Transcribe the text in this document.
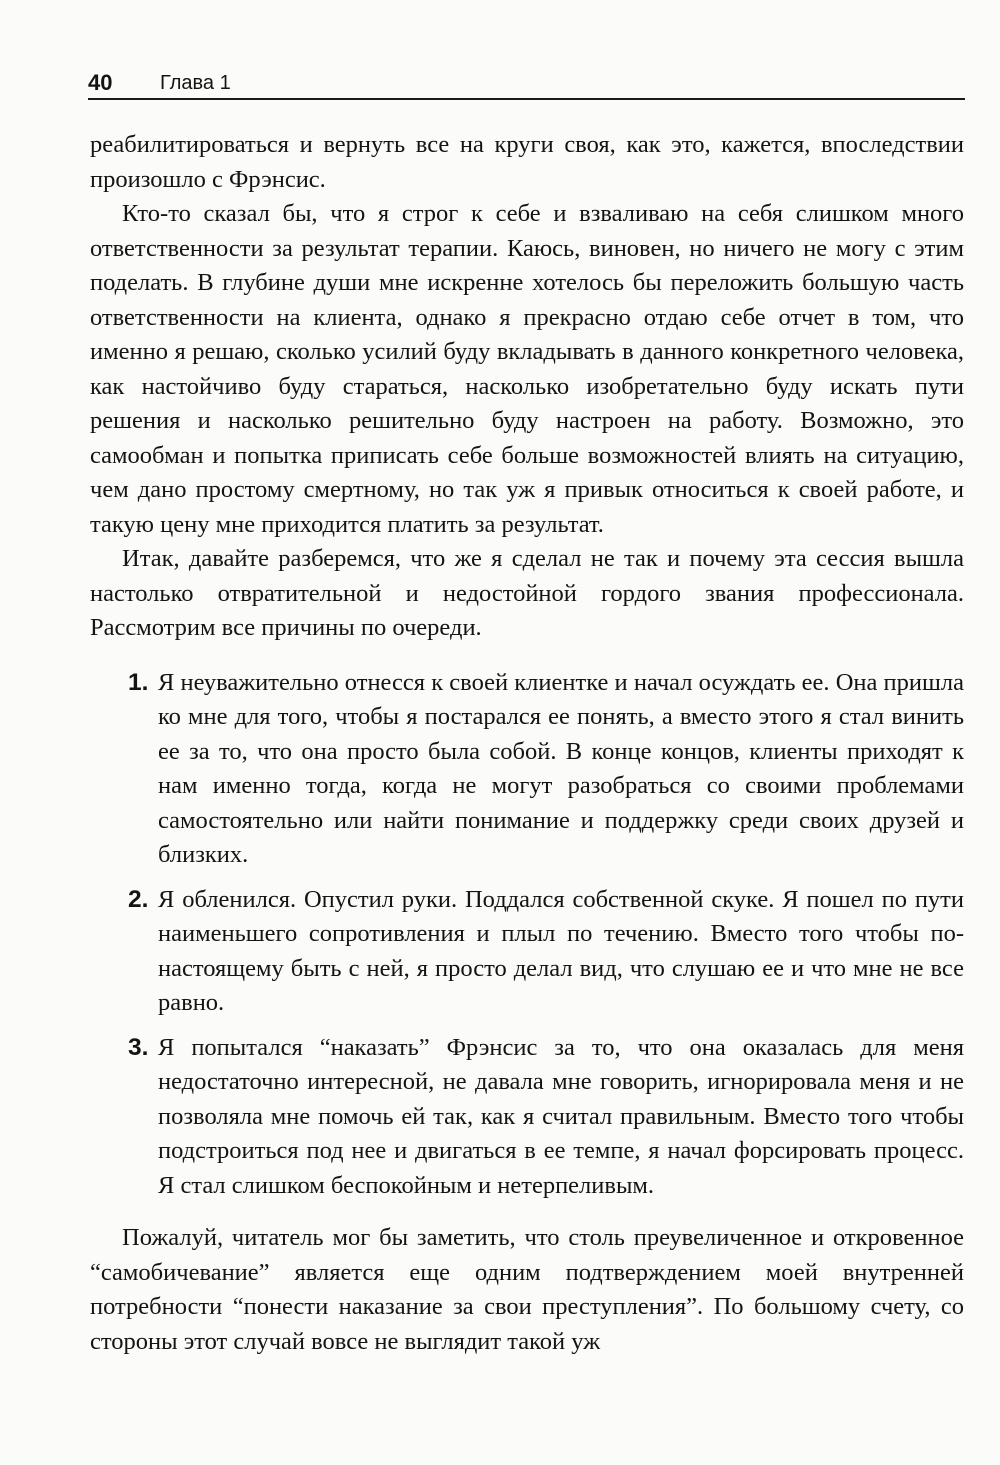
40 Глава 1

реабилитироваться и вернуть все на круги своя, как это, кажется, впоследствии произошло с Фрэнсис.

Кто-то сказал бы, что я строг к себе и взваливаю на себя слишком много ответственности за результат терапии. Каюсь, виновен, но ничего не могу с этим поделать. В глубине души мне искренне хотелось бы переложить большую часть ответственности на клиента, однако я прекрасно отдаю себе отчет в том, что именно я решаю, сколько усилий буду вкладывать в данного конкретного человека, как настойчиво буду стараться, насколько изобретательно буду искать пути решения и насколько решительно буду настроен на работу. Возможно, это самообман и попытка приписать себе больше возможностей влиять на ситуацию, чем дано простому смертному, но так уж я привык относиться к своей работе, и такую цену мне приходится платить за результат.

Итак, давайте разберемся, что же я сделал не так и почему эта сессия вышла настолько отвратительной и недостойной гордого звания профессионала. Рассмотрим все причины по очереди.

1. Я неуважительно отнесся к своей клиентке и начал осуждать ее. Она пришла ко мне для того, чтобы я постарался ее понять, а вместо этого я стал винить ее за то, что она просто была собой. В конце концов, клиенты приходят к нам именно тогда, когда не могут разобраться со своими проблемами самостоятельно или найти понимание и поддержку среди своих друзей и близких.

2. Я обленился. Опустил руки. Поддался собственной скуке. Я пошел по пути наименьшего сопротивления и плыл по течению. Вместо того чтобы по-настоящему быть с ней, я просто делал вид, что слушаю ее и что мне не все равно.

3. Я попытался “наказать” Фрэнсис за то, что она оказалась для меня недостаточно интересной, не давала мне говорить, игнорировала меня и не позволяла мне помочь ей так, как я считал правильным. Вместо того чтобы подстроиться под нее и двигаться в ее темпе, я начал форсировать процесс. Я стал слишком беспокойным и нетерпеливым.

Пожалуй, читатель мог бы заметить, что столь преувеличенное и откровенное “самобичевание” является еще одним подтверждением моей внутренней потребности “понести наказание за свои преступления”. По большому счету, со стороны этот случай вовсе не выглядит такой уж
